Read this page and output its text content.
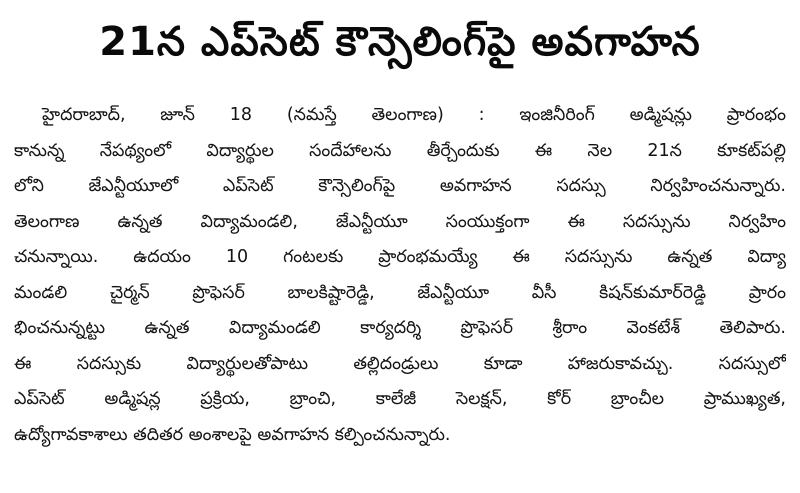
21న ఎప్‌సెట్ కౌన్సెలింగ్‌పై అవగాహన
హైదరాబాద్, జూన్ 18 (నమస్తే తెలంగాణ) : ఇంజినీరింగ్ అడ్మిషన్లు ప్రారంభం
కానున్న నేపథ్యంలో విద్యార్థుల సందేహాలను తీర్చేందుకు ఈ నెల 21న కూకట్‌పల్లి
లోని జేఎన్టీయూలో ఎప్‌సెట్ కౌన్సెలింగ్‌పై అవగాహన సదస్సు నిర్వహించనున్నారు.
తెలంగాణ ఉన్నత విద్యామండలి, జేఎన్టీయూ సంయుక్తంగా ఈ సదస్సును నిర్వహిం
చనున్నాయి. ఉదయం 10 గంటలకు ప్రారంభమయ్యే ఈ సదస్సును ఉన్నత విద్యా
మండలి చైర్మన్ ప్రొఫెసర్ బాలకిష్టారెడ్డి, జేఎన్టీయూ వీసీ కిషన్‌కుమార్‌రెడ్డి ప్రారం
భించనున్నట్టు ఉన్నత విద్యామండలి కార్యదర్శి ప్రొఫెసర్ శ్రీరాం వెంకటేశ్ తెలిపారు.
ఈ సదస్సుకు విద్యార్థులతోపాటు తల్లిదండ్రులు కూడా హాజరుకావచ్చు. సదస్సులో
ఎప్‌సెట్ అడ్మిషన్ల ప్రక్రియ, బ్రాంచి, కాలేజీ సెలక్షన్, కోర్ బ్రాంచీల ప్రాముఖ్యత,
ఉద్యోగావకాశాలు తదితర అంశాలపై అవగాహన కల్పించనున్నారు.
